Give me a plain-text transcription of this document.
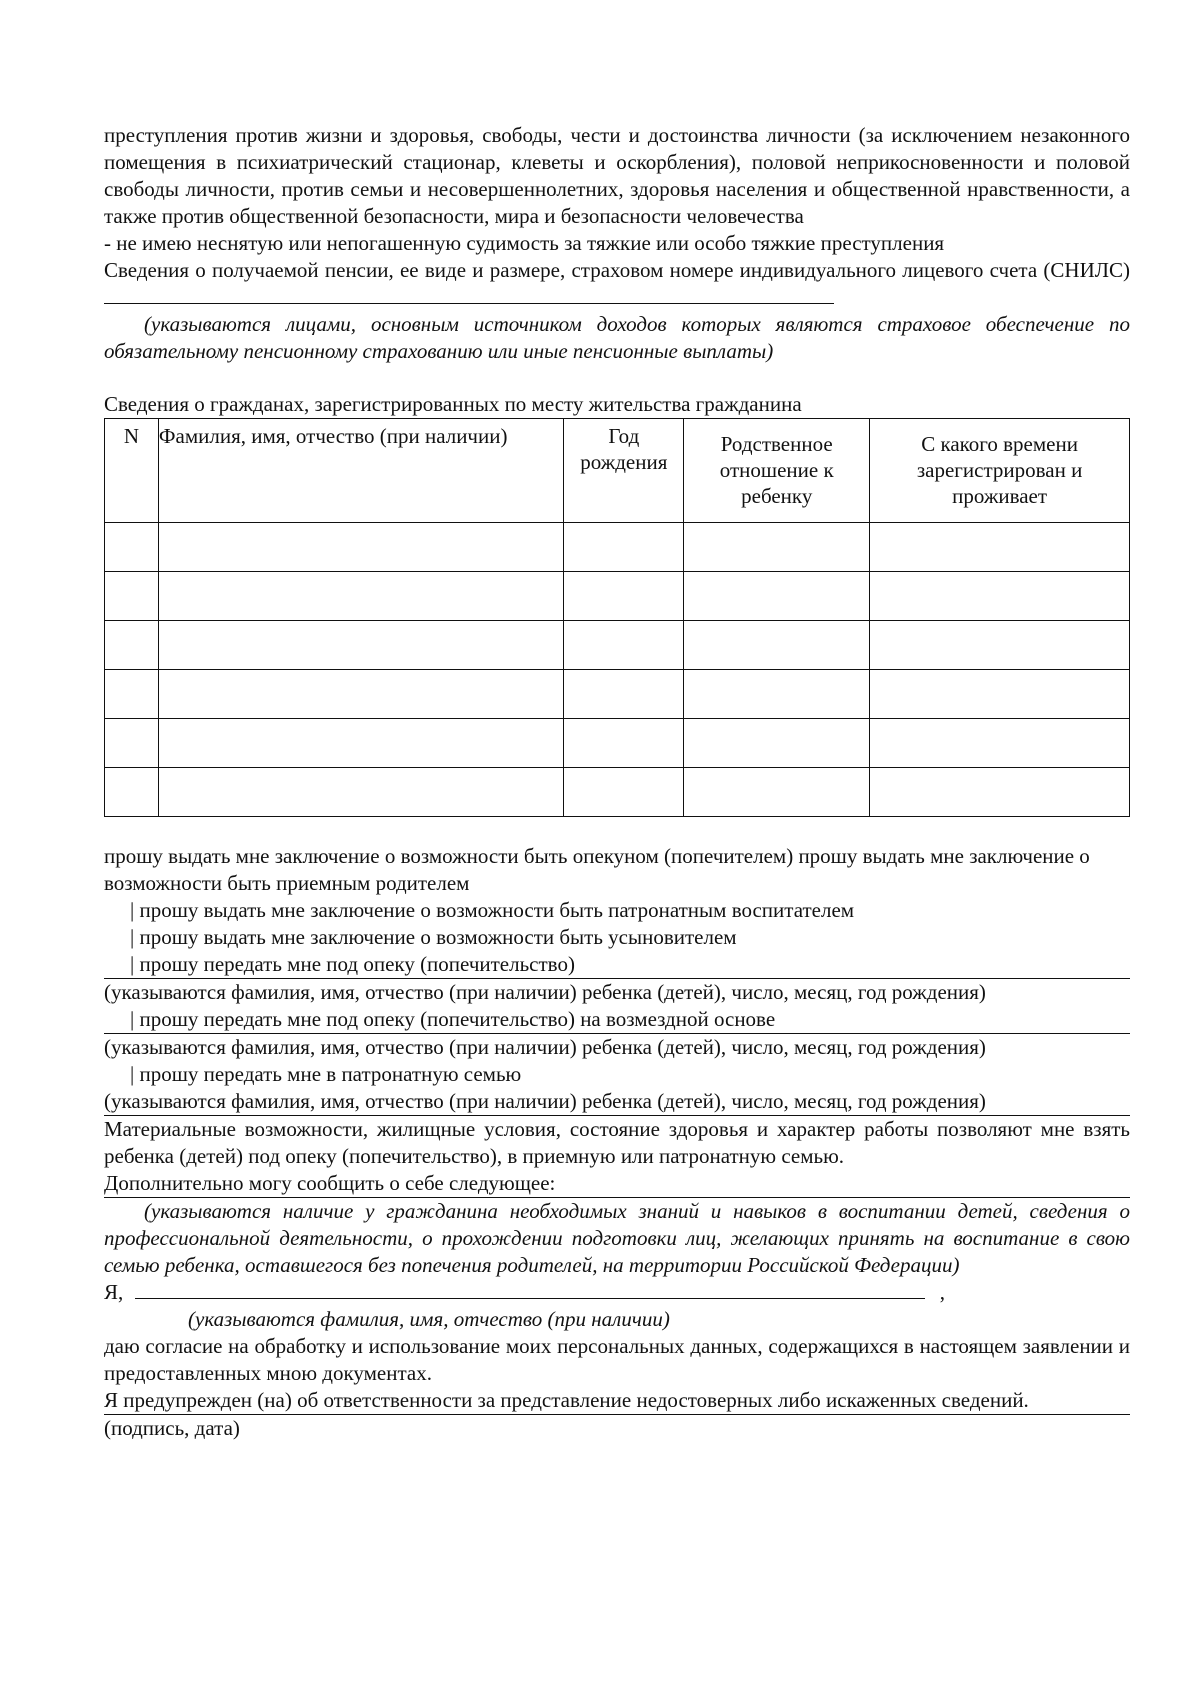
преступления против жизни и здоровья, свободы, чести и достоинства личности (за исключением незаконного помещения в психиатрический стационар, клеветы и оскорбления), половой неприкосновенности и половой свободы личности, против семьи и несовершеннолетних, здоровья населения и общественной нравственности, а также против общественной безопасности, мира и безопасности человечества
- не имею неснятую или непогашенную судимость за тяжкие или особо тяжкие преступления
Сведения о получаемой пенсии, ее виде и размере, страховом номере индивидуального лицевого счета (СНИЛС)
(указываются лицами, основным источником доходов которых являются страховое обеспечение по обязательному пенсионному страхованию или иные пенсионные выплаты)
Сведения о гражданах, зарегистрированных по месту жительства гражданина
N	Фамилия, имя, отчество (при наличии)	Год рождения	Родственное отношение к ребенку	С какого времени зарегистрирован и проживает

прошу выдать мне заключение о возможности быть опекуном (попечителем) прошу выдать мне заключение о возможности быть приемным родителем
| прошу выдать мне заключение о возможности быть патронатным воспитателем
| прошу выдать мне заключение о возможности быть усыновителем
| прошу передать мне под опеку (попечительство)
(указываются фамилия, имя, отчество (при наличии) ребенка (детей), число, месяц, год рождения)
| прошу передать мне под опеку (попечительство) на возмездной основе
(указываются фамилия, имя, отчество (при наличии) ребенка (детей), число, месяц, год рождения)
| прошу передать мне в патронатную семью
(указываются фамилия, имя, отчество (при наличии) ребенка (детей), число, месяц, год рождения)
Материальные возможности, жилищные условия, состояние здоровья и характер работы позволяют мне взять ребенка (детей) под опеку (попечительство), в приемную или патронатную семью.
Дополнительно могу сообщить о себе следующее:
(указываются наличие у гражданина необходимых знаний и навыков в воспитании детей, сведения о профессиональной деятельности, о прохождении подготовки лиц, желающих принять на воспитание в свою семью ребенка, оставшегося без попечения родителей, на территории Российской Федерации)
Я,	,
(указываются фамилия, имя, отчество (при наличии)
даю согласие на обработку и использование моих персональных данных, содержащихся в настоящем заявлении и предоставленных мною документах.
Я предупрежден (на) об ответственности за представление недостоверных либо искаженных сведений.
(подпись, дата)
